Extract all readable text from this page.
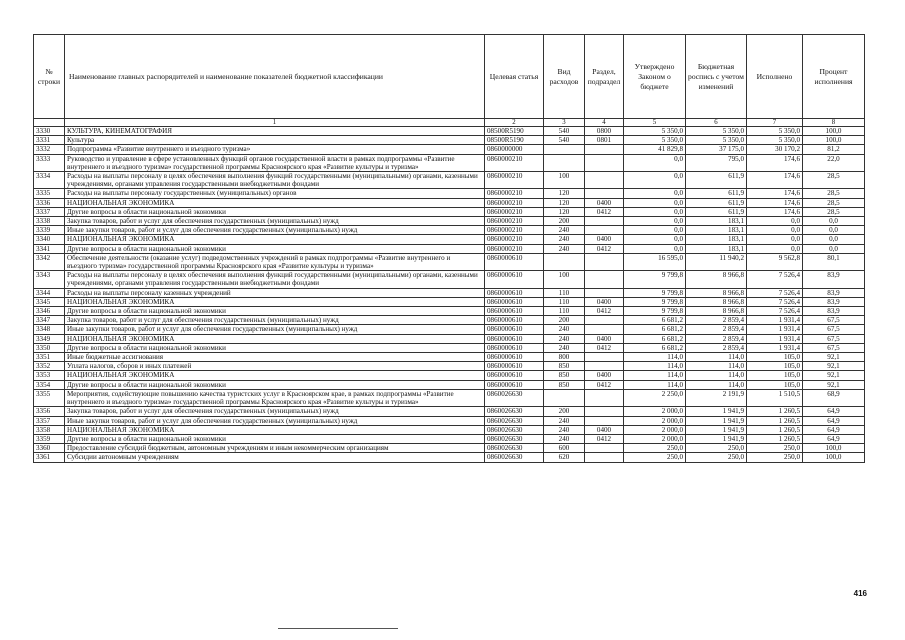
№ строки	Наименование главных распорядителей и наименование показателей бюджетной классификации	Целевая статья	Вид расходов	Раздел, подраздел	Утверждено Законом о бюджете	Бюджетная роспись с учетом изменений	Исполнено	Процент исполнения
	1	2	3	4	5	6	7	8
3330	КУЛЬТУРА, КИНЕМАТОГРАФИЯ	08500R5190	540	0800	5 350,0	5 350,0	5 350,0	100,0
3331	Культура	08500R5190	540	0801	5 350,0	5 350,0	5 350,0	100,0
3332	Подпрограмма «Развитие внутреннего и въездного туризма»	0860000000			41 829,8	37 175,0	30 170,2	81,2
3333	Руководство и управление в сфере установленных функций органов государственной власти в рамках подпрограммы «Развитие внутреннего и въездного туризма» государственной программы Красноярского края «Развитие культуры и туризма»	0860000210			0,0	795,0	174,6	22,0
3334	Расходы на выплаты персоналу в целях обеспечения выполнения функций государственными (муниципальными) органами, казенными учреждениями, органами управления государственными внебюджетными фондами	0860000210	100		0,0	611,9	174,6	28,5
3335	Расходы на выплаты персоналу государственных (муниципальных) органов	0860000210	120		0,0	611,9	174,6	28,5
3336	НАЦИОНАЛЬНАЯ ЭКОНОМИКА	0860000210	120	0400	0,0	611,9	174,6	28,5
3337	Другие вопросы в области национальной экономики	0860000210	120	0412	0,0	611,9	174,6	28,5
3338	Закупка товаров, работ и услуг для обеспечения государственных (муниципальных) нужд	0860000210	200		0,0	183,1	0,0	0,0
3339	Иные закупки товаров, работ и услуг для обеспечения государственных (муниципальных) нужд	0860000210	240		0,0	183,1	0,0	0,0
3340	НАЦИОНАЛЬНАЯ ЭКОНОМИКА	0860000210	240	0400	0,0	183,1	0,0	0,0
3341	Другие вопросы в области национальной экономики	0860000210	240	0412	0,0	183,1	0,0	0,0
3342	Обеспечение деятельности (оказание услуг) подведомственных учреждений в рамках подпрограммы «Развитие внутреннего и въездного туризма» государственной программы Красноярского края «Развитие культуры и туризма»	0860000610			16 595,0	11 940,2	9 562,8	80,1
3343	Расходы на выплаты персоналу в целях обеспечения выполнения функций государственными (муниципальными) органами, казенными учреждениями, органами управления государственными внебюджетными фондами	0860000610	100		9 799,8	8 966,8	7 526,4	83,9
3344	Расходы на выплаты персоналу казенных учреждений	0860000610	110		9 799,8	8 966,8	7 526,4	83,9
3345	НАЦИОНАЛЬНАЯ ЭКОНОМИКА	0860000610	110	0400	9 799,8	8 966,8	7 526,4	83,9
3346	Другие вопросы в области национальной экономики	0860000610	110	0412	9 799,8	8 966,8	7 526,4	83,9
3347	Закупка товаров, работ и услуг для обеспечения государственных (муниципальных) нужд	0860000610	200		6 681,2	2 859,4	1 931,4	67,5
3348	Иные закупки товаров, работ и услуг для обеспечения государственных (муниципальных) нужд	0860000610	240		6 681,2	2 859,4	1 931,4	67,5
3349	НАЦИОНАЛЬНАЯ ЭКОНОМИКА	0860000610	240	0400	6 681,2	2 859,4	1 931,4	67,5
3350	Другие вопросы в области национальной экономики	0860000610	240	0412	6 681,2	2 859,4	1 931,4	67,5
3351	Иные бюджетные ассигнования	0860000610	800		114,0	114,0	105,0	92,1
3352	Уплата налогов, сборов и иных платежей	0860000610	850		114,0	114,0	105,0	92,1
3353	НАЦИОНАЛЬНАЯ ЭКОНОМИКА	0860000610	850	0400	114,0	114,0	105,0	92,1
3354	Другие вопросы в области национальной экономики	0860000610	850	0412	114,0	114,0	105,0	92,1
3355	Мероприятия, содействующие повышению качества туристских услуг в Красноярском крае, в рамках подпрограммы «Развитие внутреннего и въездного туризма» государственной программы Красноярского края «Развитие культуры и туризма»	0860026630			2 250,0	2 191,9	1 510,5	68,9
3356	Закупка товаров, работ и услуг для обеспечения государственных (муниципальных) нужд	0860026630	200		2 000,0	1 941,9	1 260,5	64,9
3357	Иные закупки товаров, работ и услуг для обеспечения государственных (муниципальных) нужд	0860026630	240		2 000,0	1 941,9	1 260,5	64,9
3358	НАЦИОНАЛЬНАЯ ЭКОНОМИКА	0860026630	240	0400	2 000,0	1 941,9	1 260,5	64,9
3359	Другие вопросы в области национальной экономики	0860026630	240	0412	2 000,0	1 941,9	1 260,5	64,9
3360	Предоставление субсидий бюджетным, автономным учреждениям и иным некоммерческим организациям	0860026630	600		250,0	250,0	250,0	100,0
3361	Субсидии автономным учреждениям	0860026630	620		250,0	250,0	250,0	100,0
416
